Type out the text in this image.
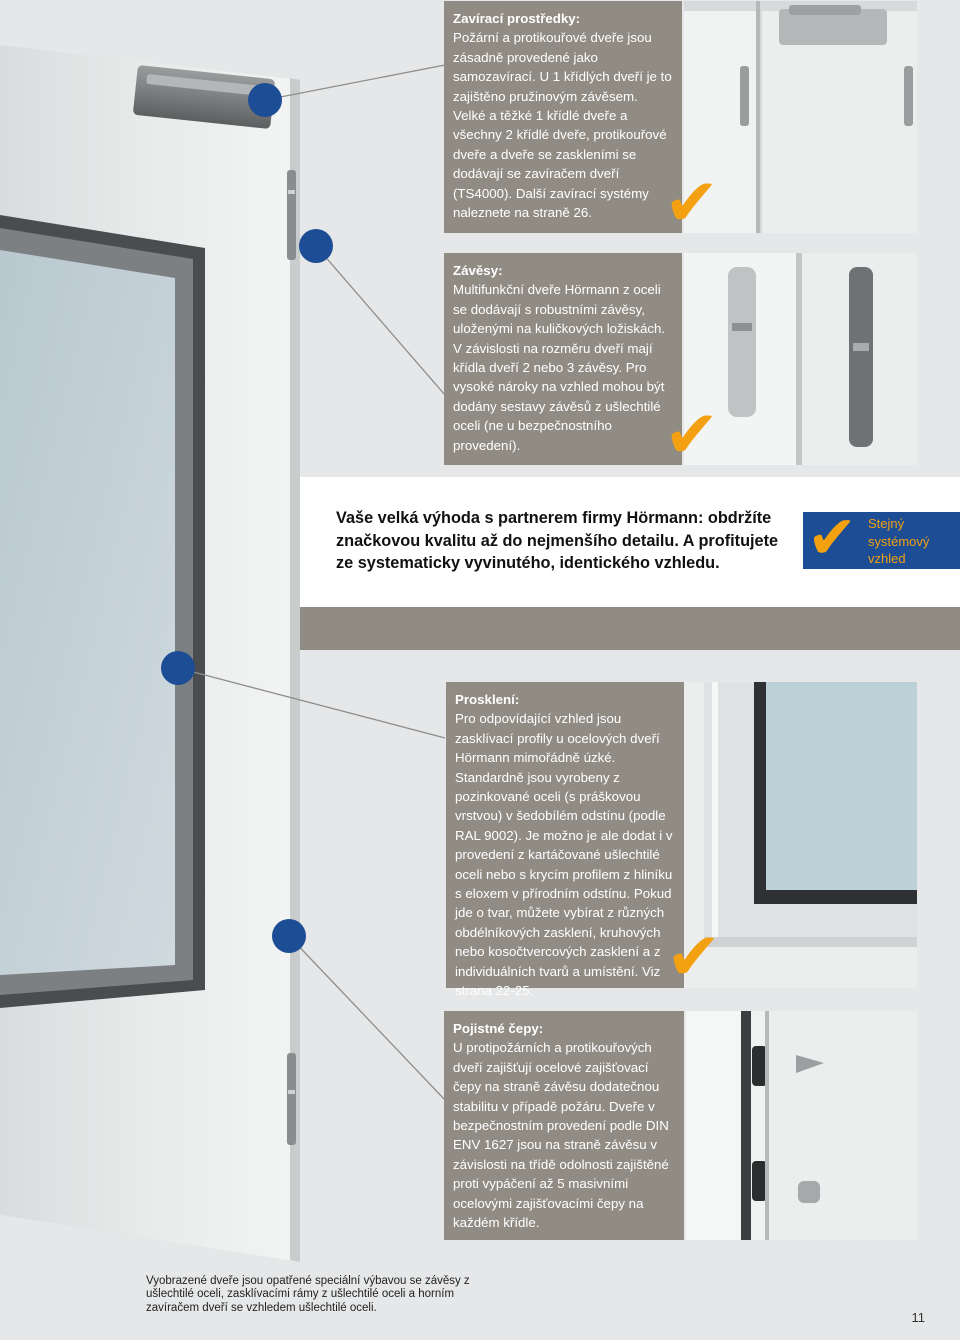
Zavírací prostředky:
Požární a protikouřové dveře jsou zásadně provedené jako samozavírací. U 1 křídlých dveří je to zajištěno pružinovým závěsem. Velké a těžké 1 křídlé dveře a všechny 2 křídlé dveře, protikouřové dveře a dveře se zaskleními se dodávají se zavíračem dveří (TS4000). Další zavírací systémy naleznete na straně 26.	✔
Závěsy:
Multifunkční dveře Hörmann z oceli se dodávají s robustními závěsy, uloženými na kuličkových ložiskách. V závislosti na rozměru dveří mají křídla dveří 2 nebo 3 závěsy. Pro vysoké nároky na vzhled mohou být dodány sestavy závěsů z ušlechtilé oceli (ne u bezpečnostního provedení).	✔
Vaše velká výhoda s partnerem firmy Hörmann: obdržíte značkovou kvalitu až do nejmenšího detailu. A profitujete ze systematicky vyvinutého, identického vzhledu.	✔ Stejný systémový vzhled
Prosklení:
Pro odpovídající vzhled jsou zasklívací profily u ocelových dveří Hörmann mimořádně úzké. Standardně jsou vyrobeny z pozinkované oceli (s práškovou vrstvou) v šedobílém odstínu (podle RAL 9002). Je možno je ale dodat i v provedení z kartáčované ušlechtilé oceli nebo s krycím profilem z hliníku s eloxem v přírodním odstínu. Pokud jde o tvar, můžete vybírat z různých obdélníkových zasklení, kruhových nebo kosočtvercových zasklení a z individuálních tvarů a umístění. Viz strana 22-25.	✔
Pojistné čepy:
U protipožárních a protikouřových dveří zajišťují ocelové zajišťovací čepy na straně závěsu dodatečnou stabilitu v případě požáru. Dveře v bezpečnostním provedení podle DIN ENV 1627 jsou na straně závěsu v závislosti na třídě odolnosti zajištěné proti vypáčení až 5 masivními ocelovými zajišťovacími čepy na každém křídle.
Vyobrazené dveře jsou opatřené speciální výbavou se závěsy z ušlechtilé oceli, zasklívacími rámy z ušlechtilé oceli a horním zavíračem dveří se vzhledem ušlechtilé oceli.
11
